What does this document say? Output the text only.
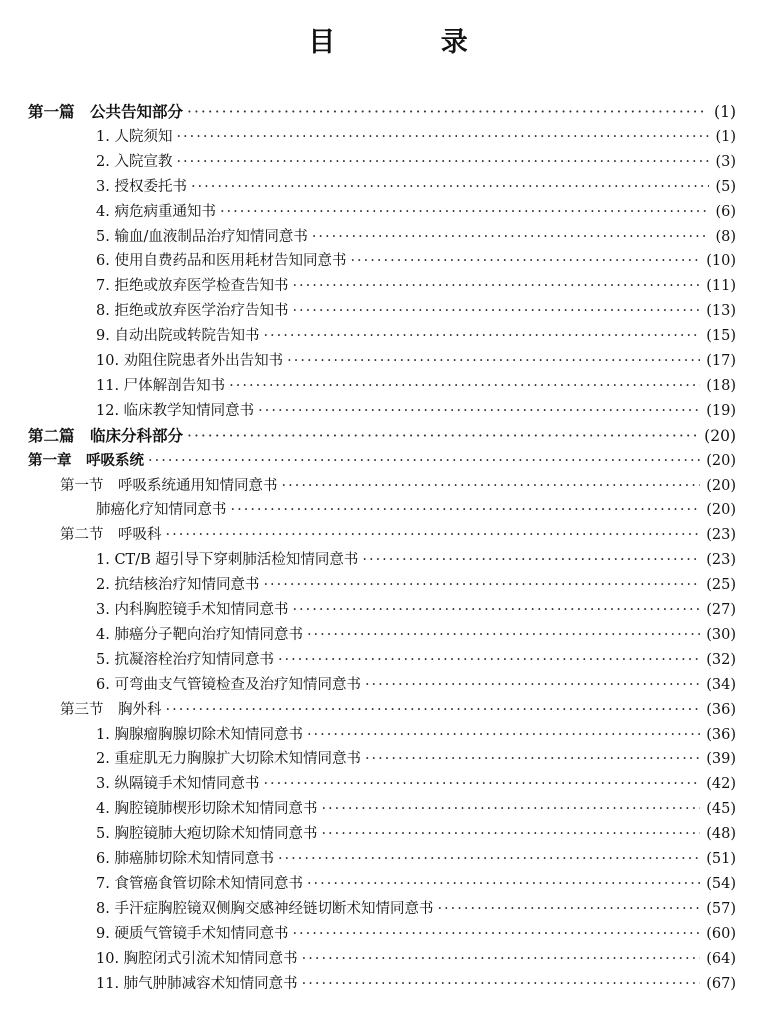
目 录
第一篇　公共告知部分 ·····	(1)
1. 人院须知 ·····	(1)
2. 入院宣教 ·····	(3)
3. 授权委托书 ·····	(5)
4. 病危病重通知书 ·····	(6)
5. 输血/血液制品治疗知情同意书 ·····	(8)
6. 使用自费药品和医用耗材告知同意书 ·····	(10)
7. 拒绝或放弃医学检查告知书 ·····	(11)
8. 拒绝或放弃医学治疗告知书 ·····	(13)
9. 自动出院或转院告知书 ·····	(15)
10. 劝阻住院患者外出告知书 ·····	(17)
11. 尸体解剖告知书 ·····	(18)
12. 临床教学知情同意书 ·····	(19)
第二篇　临床分科部分 ·····	(20)
第一章　呼吸系统 ·····	(20)
第一节　呼吸系统通用知情同意书 ·····	(20)
肺癌化疗知情同意书 ·····	(20)
第二节　呼吸科 ·····	(23)
1. CT/B 超引导下穿刺肺活检知情同意书 ·····	(23)
2. 抗结核治疗知情同意书 ·····	(25)
3. 内科胸腔镜手术知情同意书 ·····	(27)
4. 肺癌分子靶向治疗知情同意书 ·····	(30)
5. 抗凝溶栓治疗知情同意书 ·····	(32)
6. 可弯曲支气管镜检查及治疗知情同意书 ·····	(34)
第三节　胸外科 ·····	(36)
1. 胸腺瘤胸腺切除术知情同意书 ·····	(36)
2. 重症肌无力胸腺扩大切除术知情同意书 ·····	(39)
3. 纵隔镜手术知情同意书 ·····	(42)
4. 胸腔镜肺楔形切除术知情同意书 ·····	(45)
5. 胸腔镜肺大疱切除术知情同意书 ·····	(48)
6. 肺癌肺切除术知情同意书 ·····	(51)
7. 食管癌食管切除术知情同意书 ·····	(54)
8. 手汗症胸腔镜双侧胸交感神经链切断术知情同意书 ·····	(57)
9. 硬质气管镜手术知情同意书 ·····	(60)
10. 胸腔闭式引流术知情同意书 ·····	(64)
11. 肺气肿肺减容术知情同意书 ·····	(67)
